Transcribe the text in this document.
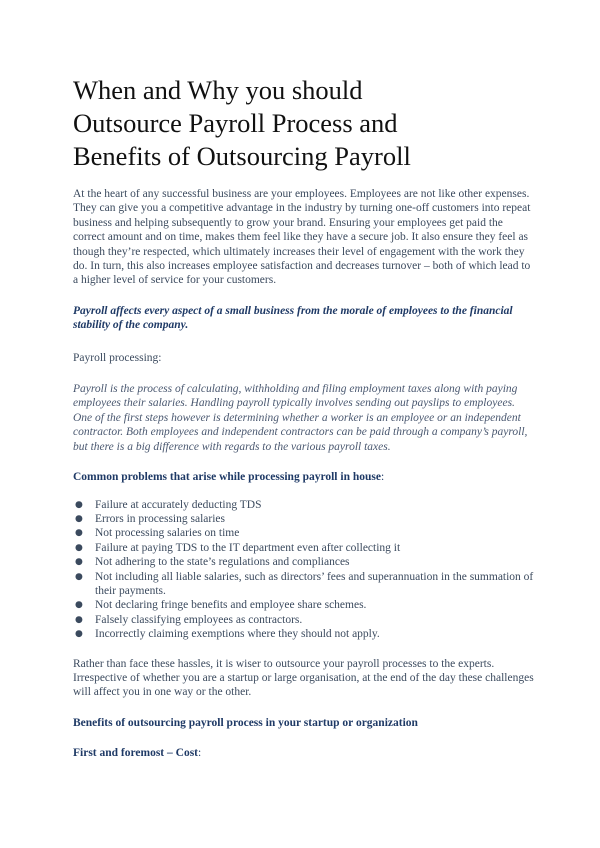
When and Why you should
Outsource Payroll Process and
Benefits of Outsourcing Payroll

At the heart of any successful business are your employees. Employees are not like other expenses. They can give you a competitive advantage in the industry by turning one-off customers into repeat business and helping subsequently to grow your brand. Ensuring your employees get paid the correct amount and on time, makes them feel like they have a secure job. It also ensure they feel as though they’re respected, which ultimately increases their level of engagement with the work they do. In turn, this also increases employee satisfaction and decreases turnover – both of which lead to a higher level of service for your customers.

Payroll affects every aspect of a small business from the morale of employees to the financial stability of the company.

Payroll processing:

Payroll is the process of calculating, withholding and filing employment taxes along with paying employees their salaries. Handling payroll typically involves sending out payslips to employees. One of the first steps however is determining whether a worker is an employee or an independent contractor. Both employees and independent contractors can be paid through a company’s payroll, but there is a big difference with regards to the various payroll taxes.

Common problems that arise while processing payroll in house:

● Failure at accurately deducting TDS
● Errors in processing salaries
● Not processing salaries on time
● Failure at paying TDS to the IT department even after collecting it
● Not adhering to the state’s regulations and compliances
● Not including all liable salaries, such as directors’ fees and superannuation in the summation of their payments.
● Not declaring fringe benefits and employee share schemes.
● Falsely classifying employees as contractors.
● Incorrectly claiming exemptions where they should not apply.

Rather than face these hassles, it is wiser to outsource your payroll processes to the experts. Irrespective of whether you are a startup or large organisation, at the end of the day these challenges will affect you in one way or the other.

Benefits of outsourcing payroll process in your startup or organization

First and foremost – Cost:
